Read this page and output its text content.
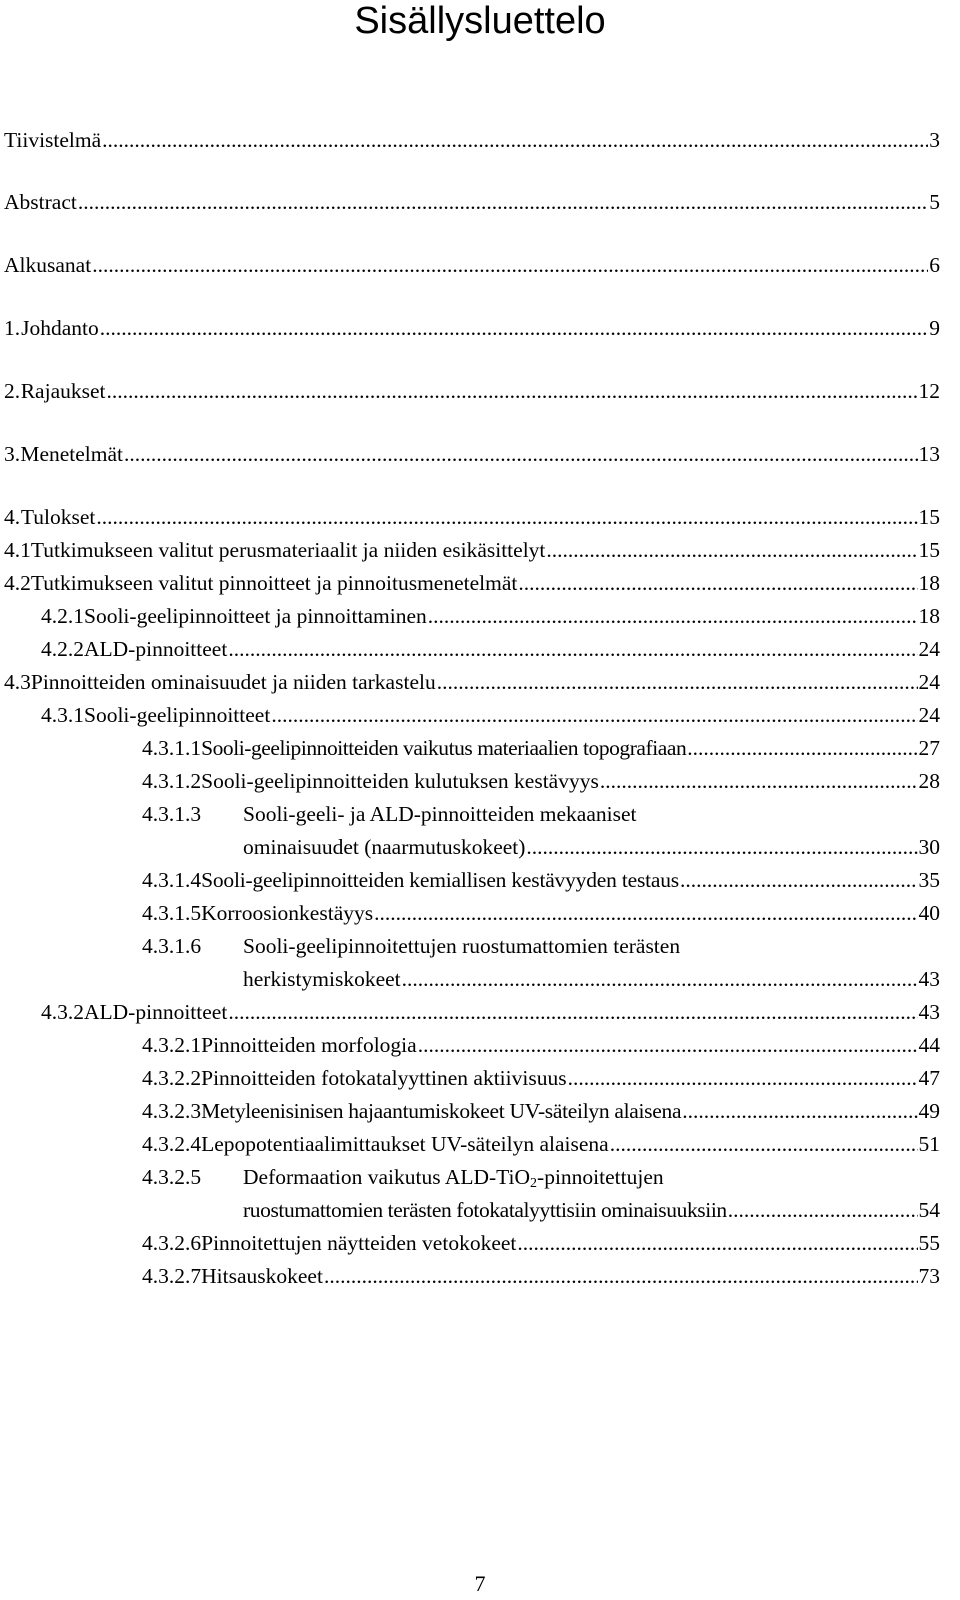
Sisällysluettelo
Tiivistelmä .....	3
Abstract .....	5
Alkusanat .....	6
1. Johdanto .....	9
2. Rajaukset .....	12
3. Menetelmät .....	13
4. Tulokset .....	15
4.1 Tutkimukseen valitut perusmateriaalit ja niiden esikäsittelyt .....	15
4.2 Tutkimukseen valitut pinnoitteet ja pinnoitusmenetelmät .....	18
4.2.1 Sooli-geelipinnoitteet ja pinnoittaminen .....	18
4.2.2 ALD-pinnoitteet .....	24
4.3 Pinnoitteiden ominaisuudet ja niiden tarkastelu .....	24
4.3.1 Sooli-geelipinnoitteet .....	24
4.3.1.1 Sooli-geelipinnoitteiden vaikutus materiaalien topografiaan .....	27
4.3.1.2 Sooli-geelipinnoitteiden kulutuksen kestävyys .....	28
4.3.1.3 Sooli-geeli- ja ALD-pinnoitteiden mekaaniset
ominaisuudet (naarmutuskokeet) .....	30
4.3.1.4 Sooli-geelipinnoitteiden kemiallisen kestävyyden testaus .....	35
4.3.1.5 Korroosionkestäyys .....	40
4.3.1.6 Sooli-geelipinnoitettujen ruostumattomien terästen
herkistymiskokeet .....	43
4.3.2 ALD-pinnoitteet .....	43
4.3.2.1 Pinnoitteiden morfologia .....	44
4.3.2.2 Pinnoitteiden fotokatalyyttinen aktiivisuus .....	47
4.3.2.3 Metyleenisinisen hajaantumiskokeet UV-säteilyn alaisena .....	49
4.3.2.4 Lepopotentiaalimittaukset UV-säteilyn alaisena .....	51
4.3.2.5 Deformaation vaikutus ALD-TiO$_2$-pinnoitettujen
ruostumattomien terästen fotokatalyyttisiin ominaisuuksiin .....	54
4.3.2.6 Pinnoitettujen näytteiden vetokokeet .....	55
4.3.2.7 Hitsauskokeet .....	73
7
